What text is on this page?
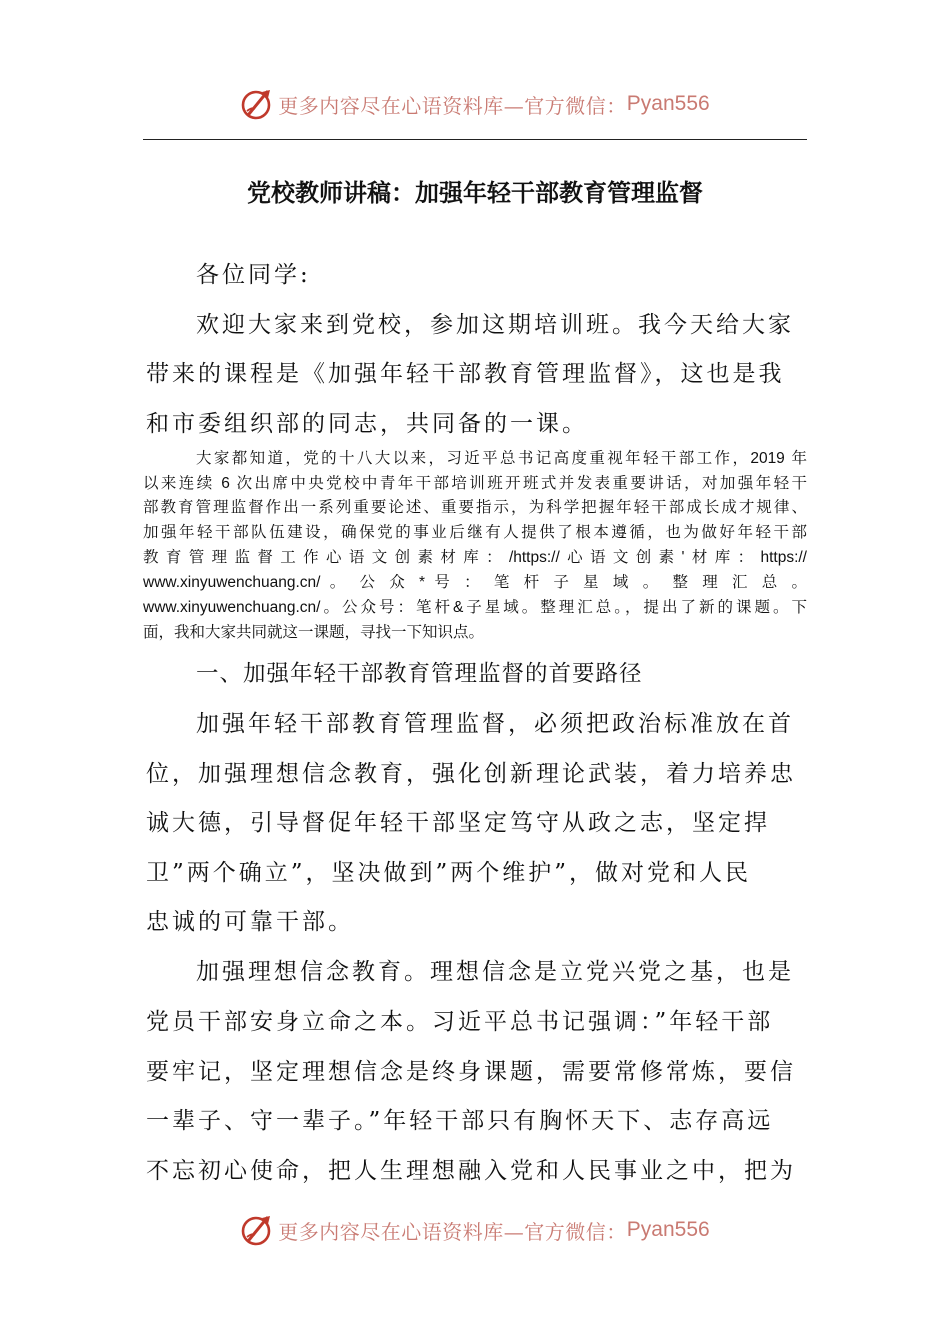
更多内容尽在心语资料库—官方微信： Pyan556
党校教师讲稿：加强年轻干部教育管理监督
各位同学:
欢迎大家来到党校，参加这期培训班。我今天给大家
带来的课程是《加强年轻干部教育管理监督》，这也是我
和市委组织部的同志，共同备的一课。
大家都知道，党的十八大以来，习近平总书记高度重视年轻干部工作，2019 年
以来连续 6 次出席中央党校中青年干部培训班开班式并发表重要讲话，对加强年轻干
部教育管理监督作出一系列重要论述、重要指示，为科学把握年轻干部成长成才规律、
加强年轻干部队伍建设，确保党的事业后继有人提供了根本遵循，也为做好年轻干部
教育管理监督工作心语文创素材库：/https://心语文创素'材库：https://
www.xinyuwenchuang.cn/ 。 公 众 * 号 ： 笔 杆 子 星 域 。 整 理 汇 总 。
www.xinyuwenchuang.cn/。公众号：笔杆&子星域。整理汇总。，提出了新的课题。下
面，我和大家共同就这一课题，寻找一下知识点。
一、加强年轻干部教育管理监督的首要路径
加强年轻干部教育管理监督，必须把政治标准放在首
位，加强理想信念教育，强化创新理论武装，着力培养忠
诚大德，引导督促年轻干部坚定笃守从政之志，坚定捍
卫”两个确立”，坚决做到”两个维护”，做对党和人民
忠诚的可靠干部。
加强理想信念教育。理想信念是立党兴党之基，也是
党员干部安身立命之本。习近平总书记强调：”年轻干部
要牢记，坚定理想信念是终身课题，需要常修常炼，要信
一辈子、守一辈子。”年轻干部只有胸怀天下、志存高远
不忘初心使命，把人生理想融入党和人民事业之中，把为
更多内容尽在心语资料库—官方微信： Pyan556
